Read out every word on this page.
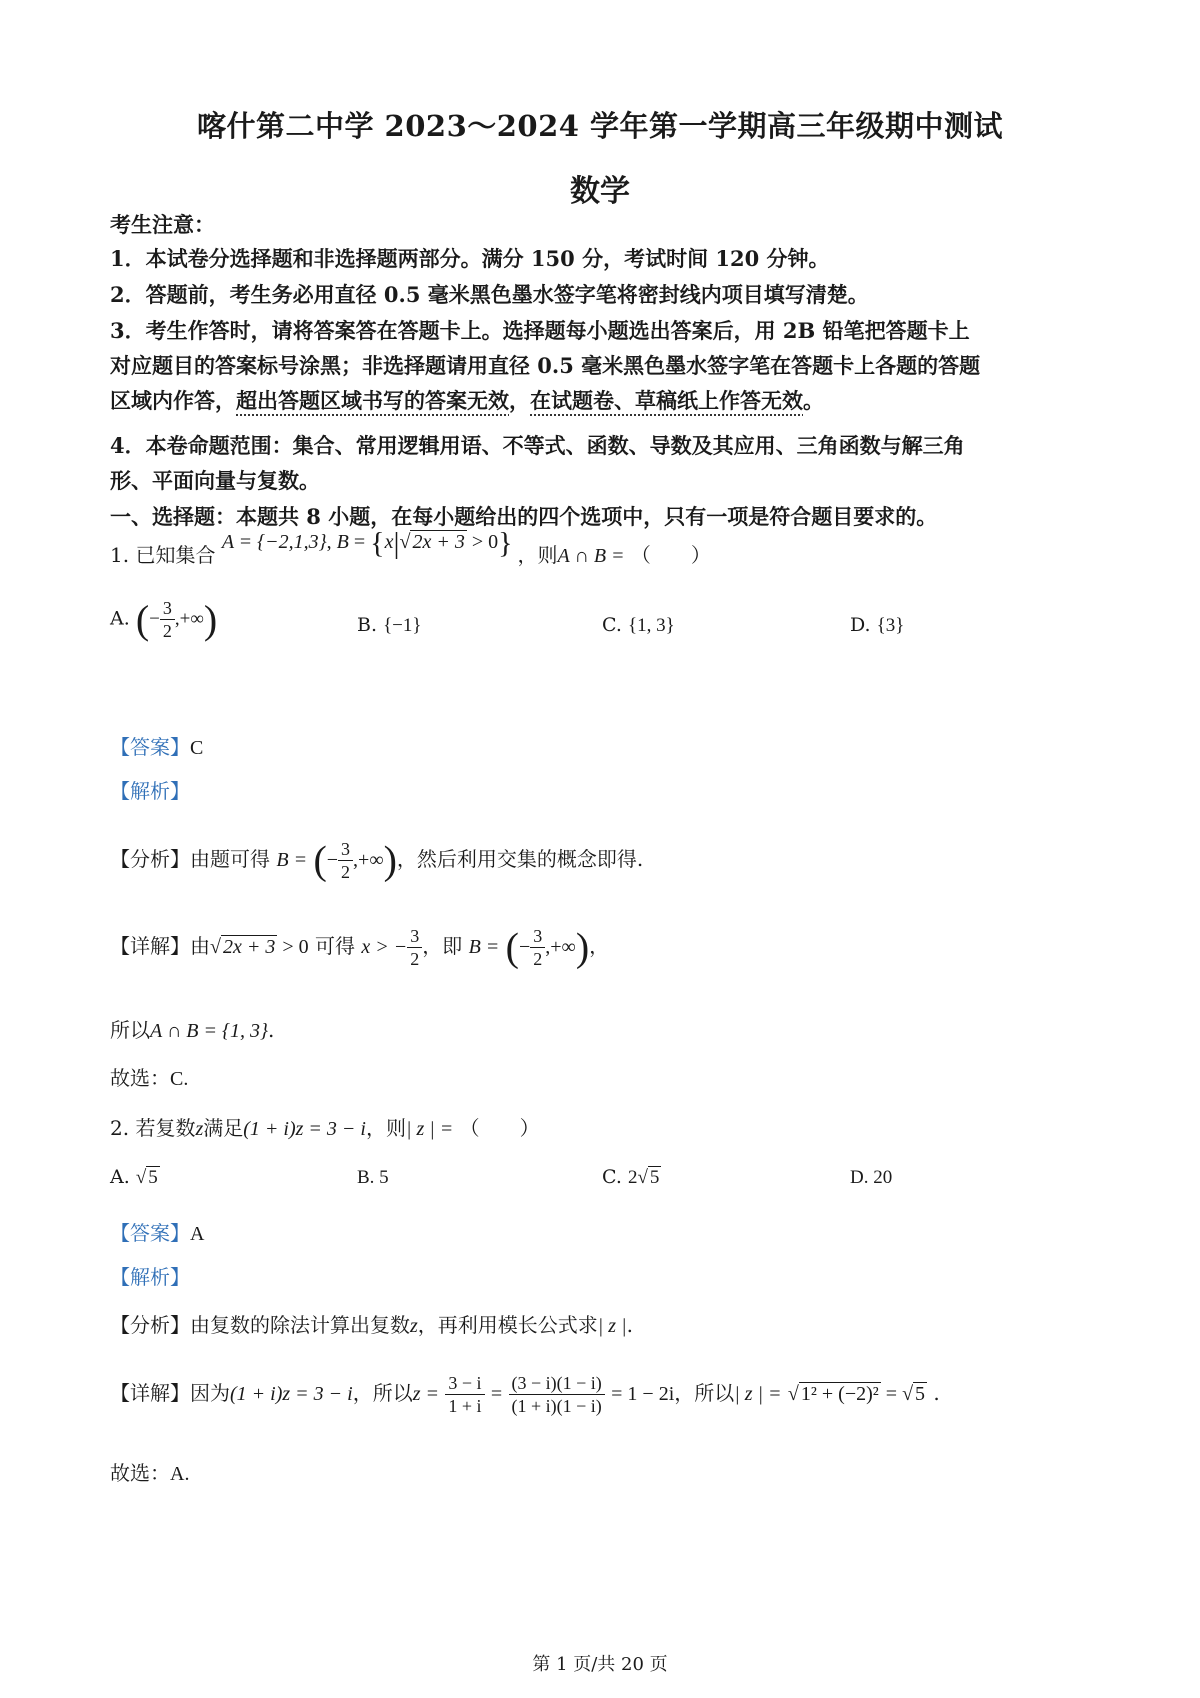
喀什第二中学 2023～2024 学年第一学期高三年级期中测试
数学
考生注意：
1．本试卷分选择题和非选择题两部分。满分 150 分，考试时间 120 分钟。
2．答题前，考生务必用直径 0.5 毫米黑色墨水签字笔将密封线内项目填写清楚。
3．考生作答时，请将答案答在答题卡上。选择题每小题选出答案后，用 2B 铅笔把答题卡上
对应题目的答案标号涂黑；非选择题请用直径 0.5 毫米黑色墨水签字笔在答题卡上各题的答题
区域内作答，超出答题区域书写的答案无效，在试题卷、草稿纸上作答无效。
4．本卷命题范围：集合、常用逻辑用语、不等式、函数、导数及其应用、三角函数与解三角
形、平面向量与复数。
一、选择题：本题共 8 小题，在每小题给出的四个选项中，只有一项是符合题目要求的。
1. 已知集合 A = {−2,1,3}, B = {x|√ 2x + 3 > 0} ，则A ∩ B = （　　）
A. (− $\frac{3}{2}$ ,+∞)	B. {−1}	C. {1, 3}	D. {3}
【答案】C
【解析】
【分析】由题可得 B = (− $\frac{3}{2}$ ,+∞)，然后利用交集的概念即得.
【详解】由√ 2x + 3 > 0 可得 x > − $\frac{3}{2}$ ，即 B = (− $\frac{3}{2}$ ,+∞)，
所以A ∩ B = {1, 3}.
故选：C.
2. 若复数z满足(1 + i)z = 3 − i，则| z | = （　　）
A. √ 5	B. 5	C. 2√ 5	D. 20
【答案】A
【解析】
【分析】由复数的除法计算出复数z，再利用模长公式求| z |.
【详解】因为(1 + i)z = 3 − i，所以$z = \frac{3 - i}{1 + i} = \frac{(3 - i)(1 - i)}{(1 + i)(1 - i)} = 1 - 2i$，所以| z | = √ 1² + (−2)² = √ 5 .
故选：A.
第 1 页/共 20 页
